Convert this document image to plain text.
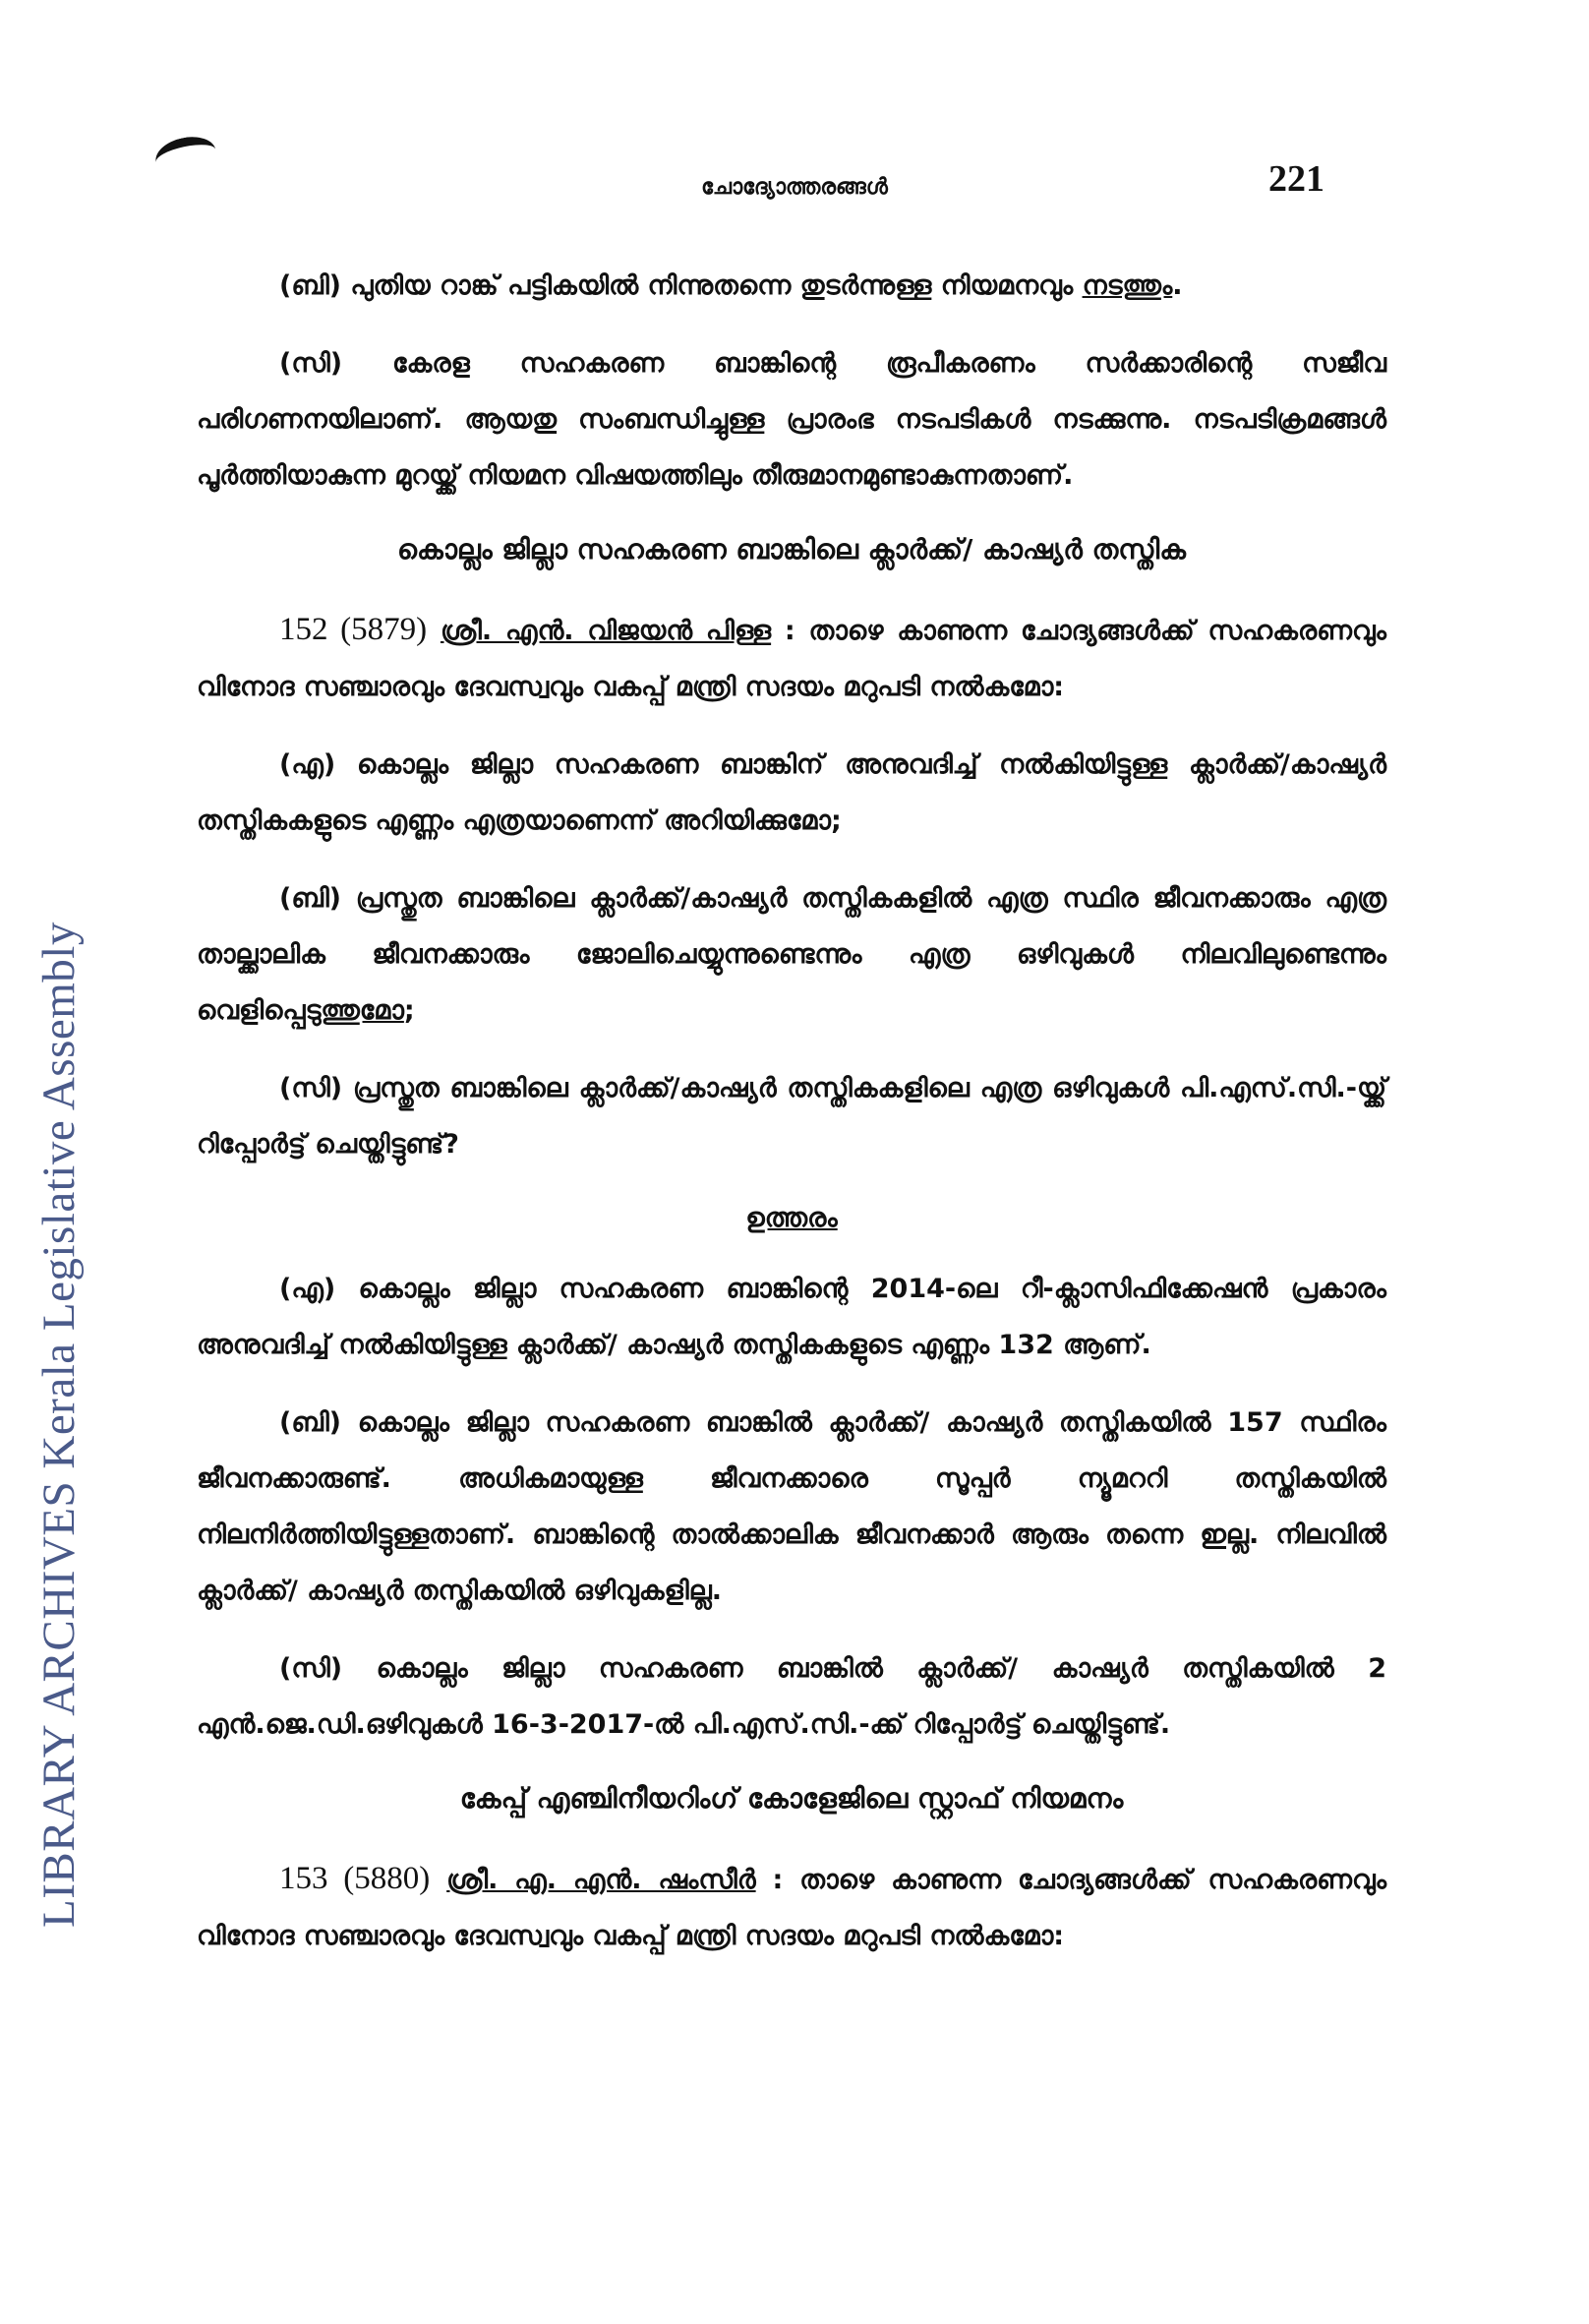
LIBRARY ARCHIVES Kerala Legislative Assembly
ചോദ്യോത്തരങ്ങൾ	221

(ബി) പുതിയ റാങ്ക് പട്ടികയിൽ നിന്നുതന്നെ തുടർന്നുള്ള നിയമനവും നടത്തും.

(സി) കേരള സഹകരണ ബാങ്കിന്റെ രൂപീകരണം സർക്കാരിന്റെ സജീവ പരിഗണനയിലാണ്. ആയതു സംബന്ധിച്ചുള്ള പ്രാരംഭ നടപടികൾ നടക്കുന്നു. നടപടിക്രമങ്ങൾ പൂർത്തിയാകുന്ന മുറയ്ക്ക് നിയമന വിഷയത്തിലും തീരുമാനമുണ്ടാകുന്നതാണ്.

കൊല്ലം ജില്ലാ സഹകരണ ബാങ്കിലെ ക്ലാർക്ക്/ കാഷ്യർ തസ്തിക

152 (5879) ശ്രീ. എൻ. വിജയൻ പിള്ള : താഴെ കാണുന്ന ചോദ്യങ്ങൾക്ക് സഹകരണവും വിനോദ സഞ്ചാരവും ദേവസ്വവും വകപ്പ് മന്ത്രി സദയം മറുപടി നൽകമോ:

(എ) കൊല്ലം ജില്ലാ സഹകരണ ബാങ്കിന് അനുവദിച്ച് നൽകിയിട്ടുള്ള ക്ലാർക്ക്/കാഷ്യർ തസ്തികകളുടെ എണ്ണം എത്രയാണെന്ന് അറിയിക്കുമോ;

(ബി) പ്രസ്തുത ബാങ്കിലെ ക്ലാർക്ക്/കാഷ്യർ തസ്തികകളിൽ എത്ര സ്ഥിര ജീവനക്കാരും എത്ര താല്ക്കാലിക ജീവനക്കാരും ജോലിചെയ്യുന്നുണ്ടെന്നും എത്ര ഒഴിവുകൾ നിലവിലുണ്ടെന്നും വെളിപ്പെടുത്തുമോ;

(സി) പ്രസ്തുത ബാങ്കിലെ ക്ലാർക്ക്/കാഷ്യർ തസ്തികകളിലെ എത്ര ഒഴിവുകൾ പി.എസ്.സി.-യ്ക്ക് റിപ്പോർട്ട് ചെയ്തിട്ടുണ്ട്?

ഉത്തരം

(എ) കൊല്ലം ജില്ലാ സഹകരണ ബാങ്കിന്റെ 2014-ലെ റീ-ക്ലാസിഫിക്കേഷൻ പ്രകാരം അനുവദിച്ച് നൽകിയിട്ടുള്ള ക്ലാർക്ക്/ കാഷ്യർ തസ്തികകളുടെ എണ്ണം 132 ആണ്.

(ബി) കൊല്ലം ജില്ലാ സഹകരണ ബാങ്കിൽ ക്ലാർക്ക്/ കാഷ്യർ തസ്തികയിൽ 157 സ്ഥിരം ജീവനക്കാരുണ്ട്. അധികമായുള്ള ജീവനക്കാരെ സൂപ്പർ ന്യൂമററി തസ്തികയിൽ നിലനിർത്തിയിട്ടുള്ളതാണ്. ബാങ്കിന്റെ താൽക്കാലിക ജീവനക്കാർ ആരും തന്നെ ഇല്ല. നിലവിൽ ക്ലാർക്ക്/ കാഷ്യർ തസ്തികയിൽ ഒഴിവുകളില്ല.

(സി) കൊല്ലം ജില്ലാ സഹകരണ ബാങ്കിൽ ക്ലാർക്ക്/ കാഷ്യർ തസ്തികയിൽ 2 എൻ.ജെ.ഡി.ഒഴിവുകൾ 16-3-2017-ൽ പി.എസ്.സി.-ക്ക് റിപ്പോർട്ട് ചെയ്തിട്ടുണ്ട്.

കേപ്പ് എഞ്ചിനീയറിംഗ് കോളേജിലെ സ്റ്റാഫ് നിയമനം

153 (5880) ശ്രീ. എ. എൻ. ഷംസീർ : താഴെ കാണുന്ന ചോദ്യങ്ങൾക്ക് സഹകരണവും വിനോദ സഞ്ചാരവും ദേവസ്വവും വകപ്പ് മന്ത്രി സദയം മറുപടി നൽകമോ:
